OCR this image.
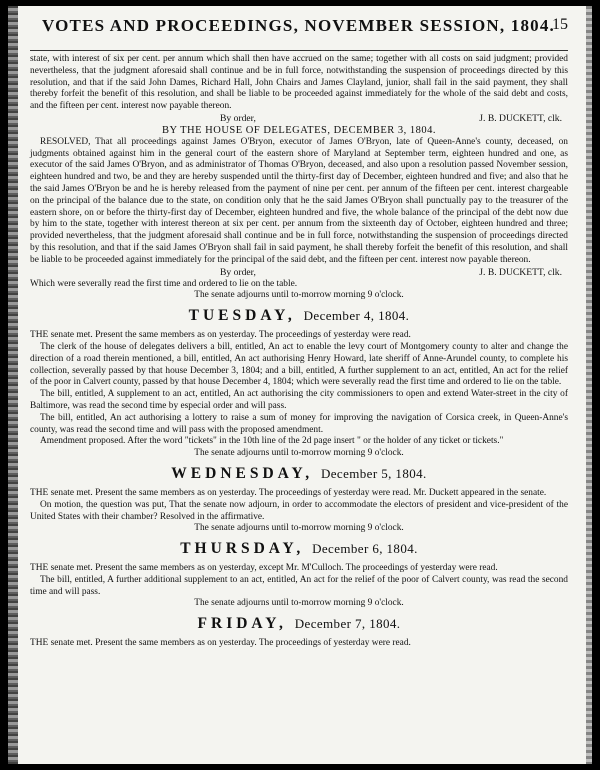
VOTES AND PROCEEDINGS, NOVEMBER SESSION, 1804.
15

state, with interest of six per cent. per annum which shall then have accrued on the same; together with all costs on said judgment; provided nevertheless, that the judgment aforesaid shall continue and be in full force, notwithstanding the suspension of proceedings directed by this resolution, and that if the said John Dames, Richard Hall, John Chairs and James Clayland, junior, shall fail in the said payment, they shall thereby forfeit the benefit of this resolution, and shall be liable to be proceeded against immediately for the whole of the said debt and costs, and the fifteen per cent. interest now payable thereon.

By order,	J. B. DUCKETT, clk.

BY THE HOUSE OF DELEGATES, DECEMBER 3, 1804.

RESOLVED, That all proceedings against James O'Bryon, executor of James O'Bryon, late of Queen-Anne's county, deceased, on judgments obtained against him in the general court of the eastern shore of Maryland at September term, eighteen hundred and one, as executor of the said James O'Bryon, and as administrator of Thomas O'Bryon, deceased, and also upon a resolution passed November session, eighteen hundred and two, be and they are hereby suspended until the thirty-first day of December, eighteen hundred and five; and also that he the said James O'Bryon be and he is hereby released from the payment of nine per cent. per annum of the fifteen per cent. interest chargeable on the principal of the balance due to the state, on condition only that he the said James O'Bryon shall punctually pay to the treasurer of the eastern shore, on or before the thirty-first day of December, eighteen hundred and five, the whole balance of the principal of the debt now due by him to the state, together with interest thereon at six per cent. per annum from the sixteenth day of October, eighteen hundred and three; provided nevertheless, that the judgment aforesaid shall continue and be in full force, notwithstanding the suspension of proceedings directed by this resolution, and that if the said James O'Bryon shall fail in said payment, he shall thereby forfeit the benefit of this resolution, and shall be liable to be proceeded against immediately for the principal of the said debt, and the fifteen per cent. interest now payable thereon.

By order,	J. B. DUCKETT, clk.

Which were severally read the first time and ordered to lie on the table.

The senate adjourns until to-morrow morning 9 o'clock.

TUESDAY, December 4, 1804.

THE senate met. Present the same members as on yesterday. The proceedings of yesterday were read.

The clerk of the house of delegates delivers a bill, entitled, An act to enable the levy court of Montgomery county to alter and change the direction of a road therein mentioned, a bill, entitled, An act authorising Henry Howard, late sheriff of Anne-Arundel county, to complete his collection, severally passed by that house December 3, 1804; and a bill, entitled, A further supplement to an act, entitled, An act for the relief of the poor in Calvert county, passed by that house December 4, 1804; which were severally read the first time and ordered to lie on the table.

The bill, entitled, A supplement to an act, entitled, An act authorising the city commissioners to open and extend Water-street in the city of Baltimore, was read the second time by especial order and will pass.

The bill, entitled, An act authorising a lottery to raise a sum of money for improving the navigation of Corsica creek, in Queen-Anne's county, was read the second time and will pass with the proposed amendment.

Amendment proposed. After the word "tickets" in the 10th line of the 2d page insert " or the holder of any ticket or tickets."

The senate adjourns until to-morrow morning 9 o'clock.

WEDNESDAY, December 5, 1804.

THE senate met. Present the same members as on yesterday. The proceedings of yesterday were read. Mr. Duckett appeared in the senate.

On motion, the question was put, That the senate now adjourn, in order to accommodate the electors of president and vice-president of the United States with their chamber? Resolved in the affirmative.

The senate adjourns until to-morrow morning 9 o'clock.

THURSDAY, December 6, 1804.

THE senate met. Present the same members as on yesterday, except Mr. M'Culloch. The proceedings of yesterday were read.

The bill, entitled, A further additional supplement to an act, entitled, An act for the relief of the poor of Calvert county, was read the second time and will pass.

The senate adjourns until to-morrow morning 9 o'clock.

FRIDAY, December 7, 1804.

THE senate met. Present the same members as on yesterday. The proceedings of yesterday were read.
